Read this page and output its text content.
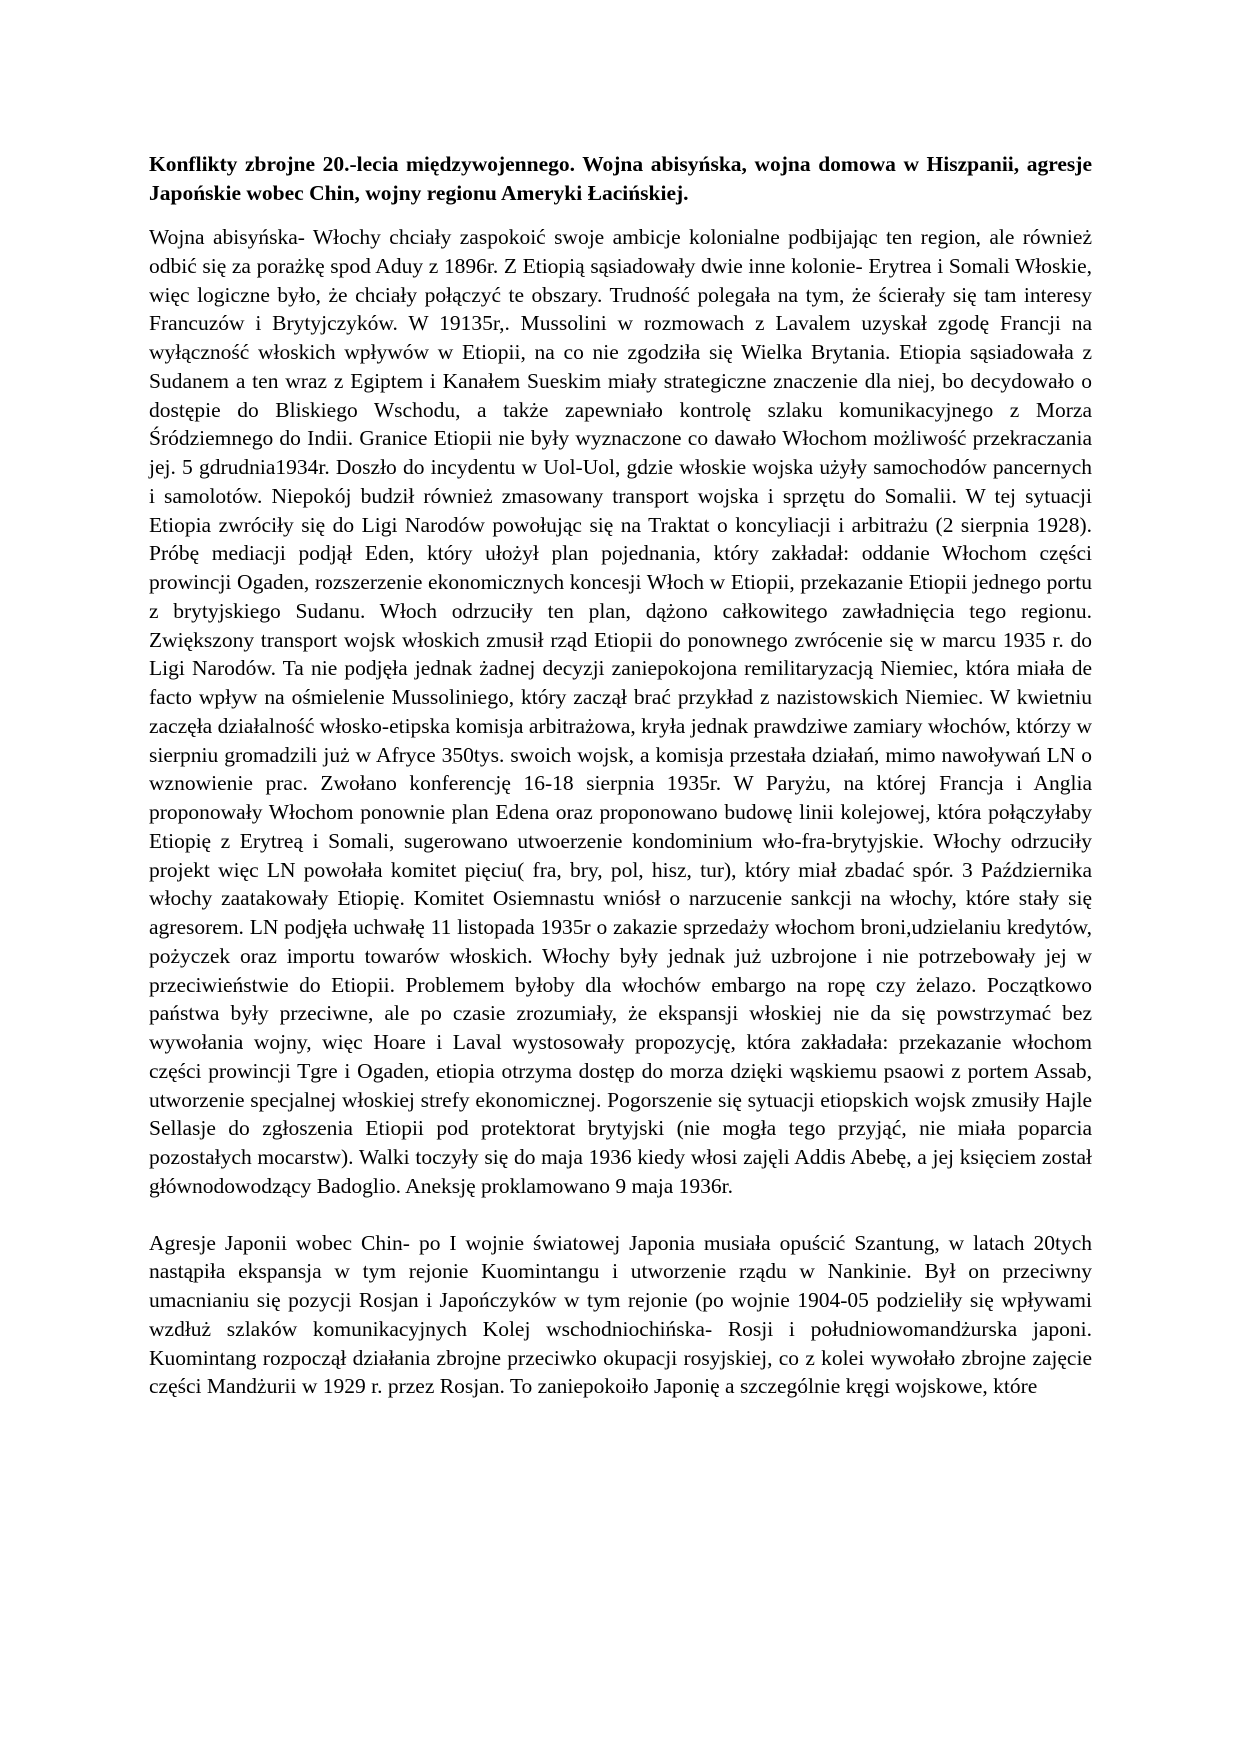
Konflikty zbrojne 20.-lecia międzywojennego. Wojna abisyńska, wojna domowa w Hiszpanii, agresje Japońskie wobec Chin, wojny regionu Ameryki Łacińskiej.

Wojna abisyńska- Włochy chciały zaspokoić swoje ambicje kolonialne podbijając ten region, ale również odbić się za porażkę spod Aduy z 1896r. Z Etiopią sąsiadowały dwie inne kolonie- Erytrea i Somali Włoskie, więc logiczne było, że chciały połączyć te obszary. Trudność polegała na tym, że ścierały się tam interesy Francuzów i Brytyjczyków. W 19135r,. Mussolini w rozmowach z Lavalem uzyskał zgodę Francji na wyłączność włoskich wpływów w Etiopii, na co nie zgodziła się Wielka Brytania. Etiopia sąsiadowała z Sudanem a ten wraz z Egiptem i Kanałem Sueskim miały strategiczne znaczenie dla niej, bo decydowało o dostępie do Bliskiego Wschodu, a także zapewniało kontrolę szlaku komunikacyjnego z Morza Śródziemnego do Indii. Granice Etiopii nie były wyznaczone co dawało Włochom możliwość przekraczania jej. 5 gdrudnia1934r. Doszło do incydentu w Uol-Uol, gdzie włoskie wojska użyły samochodów pancernych i samolotów. Niepokój budził również zmasowany transport wojska i sprzętu do Somalii. W tej sytuacji Etiopia zwróciły się do Ligi Narodów powołując się na Traktat o koncyliacji i arbitrażu (2 sierpnia 1928). Próbę mediacji podjął Eden, który ułożył plan pojednania, który zakładał: oddanie Włochom części prowincji Ogaden, rozszerzenie ekonomicznych koncesji Włoch w Etiopii, przekazanie Etiopii jednego portu z brytyjskiego Sudanu. Włoch odrzuciły ten plan, dążono całkowitego zawładnięcia tego regionu. Zwiększony transport wojsk włoskich zmusił rząd Etiopii do ponownego zwrócenie się w marcu 1935 r. do Ligi Narodów. Ta nie podjęła jednak żadnej decyzji zaniepokojona remilitaryzacją Niemiec, która miała de facto wpływ na ośmielenie Mussoliniego, który zaczął brać przykład z nazistowskich Niemiec. W kwietniu zaczęła działalność włosko-etipska komisja arbitrażowa, kryła jednak prawdziwe zamiary włochów, którzy w sierpniu gromadzili już w Afryce 350tys. swoich wojsk, a komisja przestała działań, mimo nawoływań LN o wznowienie prac. Zwołano konferencję 16-18 sierpnia 1935r. W Paryżu, na której Francja i Anglia proponowały Włochom ponownie plan Edena oraz proponowano budowę linii kolejowej, która połączyłaby Etiopię z Erytreą i Somali, sugerowano utwoerzenie kondominium wło-fra-brytyjskie. Włochy odrzuciły projekt więc LN powołała komitet pięciu( fra, bry, pol, hisz, tur), który miał zbadać spór. 3 Października włochy zaatakowały Etiopię. Komitet Osiemnastu wniósł o narzucenie sankcji na włochy, które stały się agresorem. LN podjęła uchwałę 11 listopada 1935r o zakazie sprzedaży włochom broni,udzielaniu kredytów, pożyczek oraz importu towarów włoskich. Włochy były jednak już uzbrojone i nie potrzebowały jej w przeciwieństwie do Etiopii. Problemem byłoby dla włochów embargo na ropę czy żelazo. Początkowo państwa były przeciwne, ale po czasie zrozumiały, że ekspansji włoskiej nie da się powstrzymać bez wywołania wojny, więc Hoare i Laval wystosowały propozycję, która zakładała: przekazanie włochom części prowincji Tgre i Ogaden, etiopia otrzyma dostęp do morza dzięki wąskiemu psaowi z portem Assab, utworzenie specjalnej włoskiej strefy ekonomicznej. Pogorszenie się sytuacji etiopskich wojsk zmusiły Hajle Sellasje do zgłoszenia Etiopii pod protektorat brytyjski (nie mogła tego przyjąć, nie miała poparcia pozostałych mocarstw). Walki toczyły się do maja 1936 kiedy włosi zajęli Addis Abebę, a jej księciem został głównodowodzący Badoglio. Aneksję proklamowano 9 maja 1936r.

Agresje Japonii wobec Chin- po I wojnie światowej Japonia musiała opuścić Szantung, w latach 20tych nastąpiła ekspansja w tym rejonie Kuomintangu i utworzenie rządu w Nankinie. Był on przeciwny umacnianiu się pozycji Rosjan i Japończyków w tym rejonie (po wojnie 1904-05 podzieliły się wpływami wzdłuż szlaków komunikacyjnych Kolej wschodniochińska- Rosji i południowomandżurska japoni. Kuomintang rozpoczął działania zbrojne przeciwko okupacji rosyjskiej, co z kolei wywołało zbrojne zajęcie części Mandżurii w 1929 r. przez Rosjan. To zaniepokoiło Japonię a szczególnie kręgi wojskowe, które
